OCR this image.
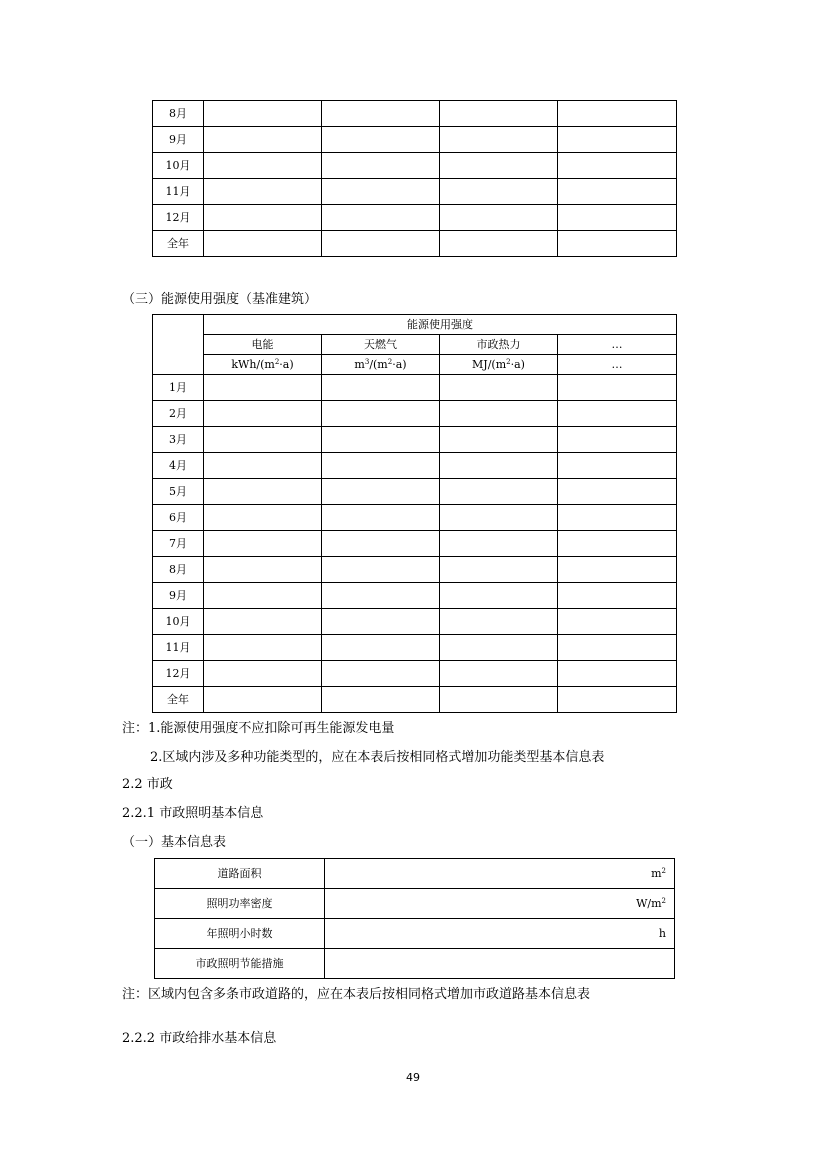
8月				
9月				
10月				
11月				
12月				
全年				
（三）能源使用强度（基准建筑）
	能源使用强度			
	电能	天燃气	市政热力	…
	kWh/$(m^2\cdot a)$	$m^3/(m^2\cdot a)$	$MJ/(m^2\cdot a)$	…
1月				
2月				
3月				
4月				
5月				
6月				
7月				
8月				
9月				
10月				
11月				
12月				
全年				
注：1.能源使用强度不应扣除可再生能源发电量
2.区域内涉及多种功能类型的，应在本表后按相同格式增加功能类型基本信息表
2.2 市政
2.2.1 市政照明基本信息
（一）基本信息表
道路面积	$m^2$
照明功率密度	$W/m^2$
年照明小时数	h
市政照明节能措施	
注：区域内包含多条市政道路的，应在本表后按相同格式增加市政道路基本信息表
2.2.2 市政给排水基本信息
49
